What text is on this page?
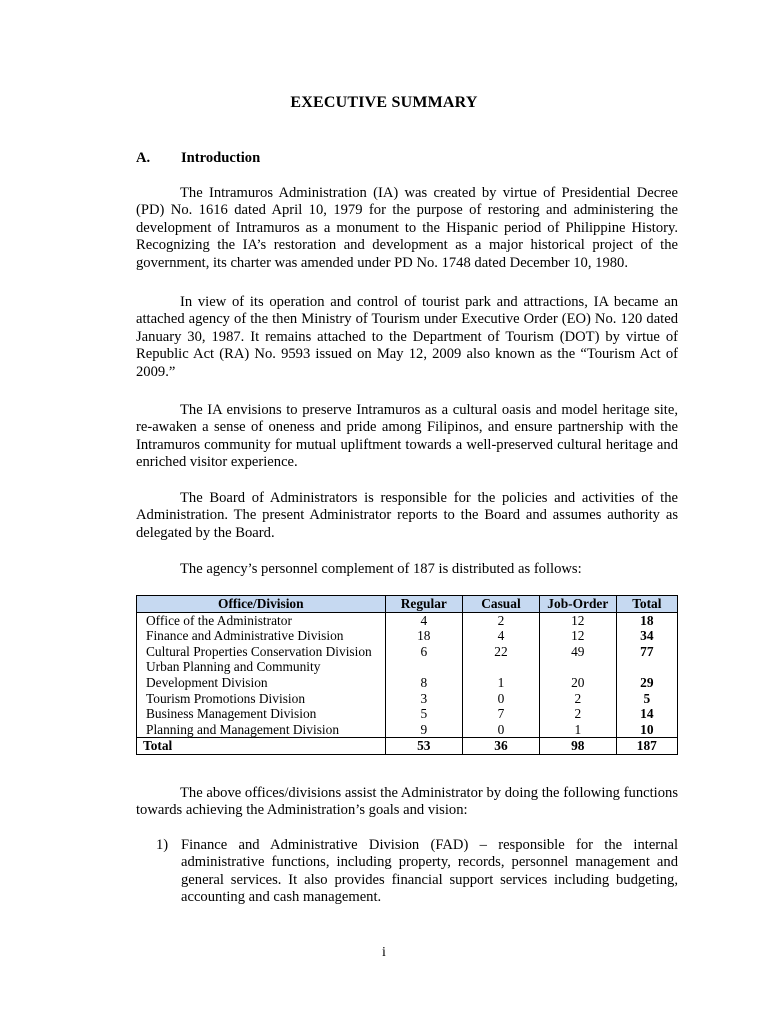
EXECUTIVE SUMMARY
A. Introduction

The Intramuros Administration (IA) was created by virtue of Presidential Decree (PD) No. 1616 dated April 10, 1979 for the purpose of restoring and administering the development of Intramuros as a monument to the Hispanic period of Philippine History. Recognizing the IA’s restoration and development as a major historical project of the government, its charter was amended under PD No. 1748 dated December 10, 1980.

In view of its operation and control of tourist park and attractions, IA became an attached agency of the then Ministry of Tourism under Executive Order (EO) No. 120 dated January 30, 1987. It remains attached to the Department of Tourism (DOT) by virtue of Republic Act (RA) No. 9593 issued on May 12, 2009 also known as the “Tourism Act of 2009.”

The IA envisions to preserve Intramuros as a cultural oasis and model heritage site, re-awaken a sense of oneness and pride among Filipinos, and ensure partnership with the Intramuros community for mutual upliftment towards a well-preserved cultural heritage and enriched visitor experience.

The Board of Administrators is responsible for the policies and activities of the Administration. The present Administrator reports to the Board and assumes authority as delegated by the Board.

The agency’s personnel complement of 187 is distributed as follows:

Office/Division	Regular	Casual	Job-Order	Total
Office of the Administrator	4	2	12	18
Finance and Administrative Division	18	4	12	34
Cultural Properties Conservation Division	6	22	49	77

Urban Planning and Community
Development Division	8	1	20	29
Tourism Promotions Division	3	0	2	5
Business Management Division	5	7	2	14
Planning and Management Division	9	0	1	10
Total	53	36	98	187

The above offices/divisions assist the Administrator by doing the following functions towards achieving the Administration’s goals and vision:

1) Finance and Administrative Division (FAD) – responsible for the internal administrative functions, including property, records, personnel management and general services. It also provides financial support services including budgeting, accounting and cash management.
i
